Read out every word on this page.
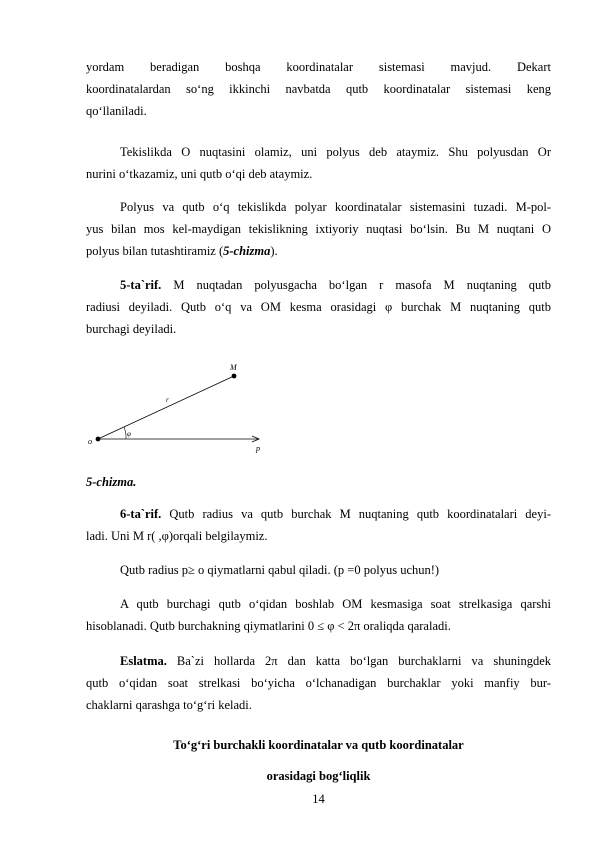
yordam beradigan boshqa koordinatalar sistemasi mavjud. Dekart
koordinatalardan so‘ng ikkinchi navbatda qutb koordinatalar sistemasi keng
qo‘llaniladi.
Tekislikda O nuqtasini olamiz, uni polyus deb ataymiz. Shu polyusdan Or
nurini o‘tkazamiz, uni qutb o‘qi deb ataymiz.
Polyus va qutb o‘q tekislikda polyar koordinatalar sistemasini tuzadi. M-pol-
yus bilan mos kel-maydigan tekislikning ixtiyoriy nuqtasi bo‘lsin. Bu M nuqtani O
polyus bilan tutashtiramiz (5-chizma).
5-ta`rif. M nuqtadan polyusgacha bo‘lgan r masofa M nuqtaning qutb
radiusi deyiladi. Qutb o‘q va OM kesma orasidagi φ burchak M nuqtaning qutb
burchagi deyiladi.
o
M
r
φ
p
5-chizma.
6-ta`rif. Qutb radius va qutb burchak M nuqtaning qutb koordinatalari deyi-
ladi. Uni M r( ,φ)orqali belgilaymiz.
Qutb radius p≥ o qiymatlarni qabul qiladi. (p =0 polyus uchun!)
A qutb burchagi qutb o‘qidan boshlab OM kesmasiga soat strelkasiga qarshi
hisoblanadi. Qutb burchakning qiymatlarini 0 ≤ φ < 2π oraliqda qaraladi.
Eslatma. Ba`zi hollarda 2π dan katta bo‘lgan burchaklarni va shuningdek
qutb o‘qidan soat strelkasi bo‘yicha o‘lchanadigan burchaklar yoki manfiy bur-
chaklarni qarashga to‘g‘ri keladi.
To‘g‘ri burchakli koordinatalar va qutb koordinatalar
orasidagi bog‘liqlik
14
